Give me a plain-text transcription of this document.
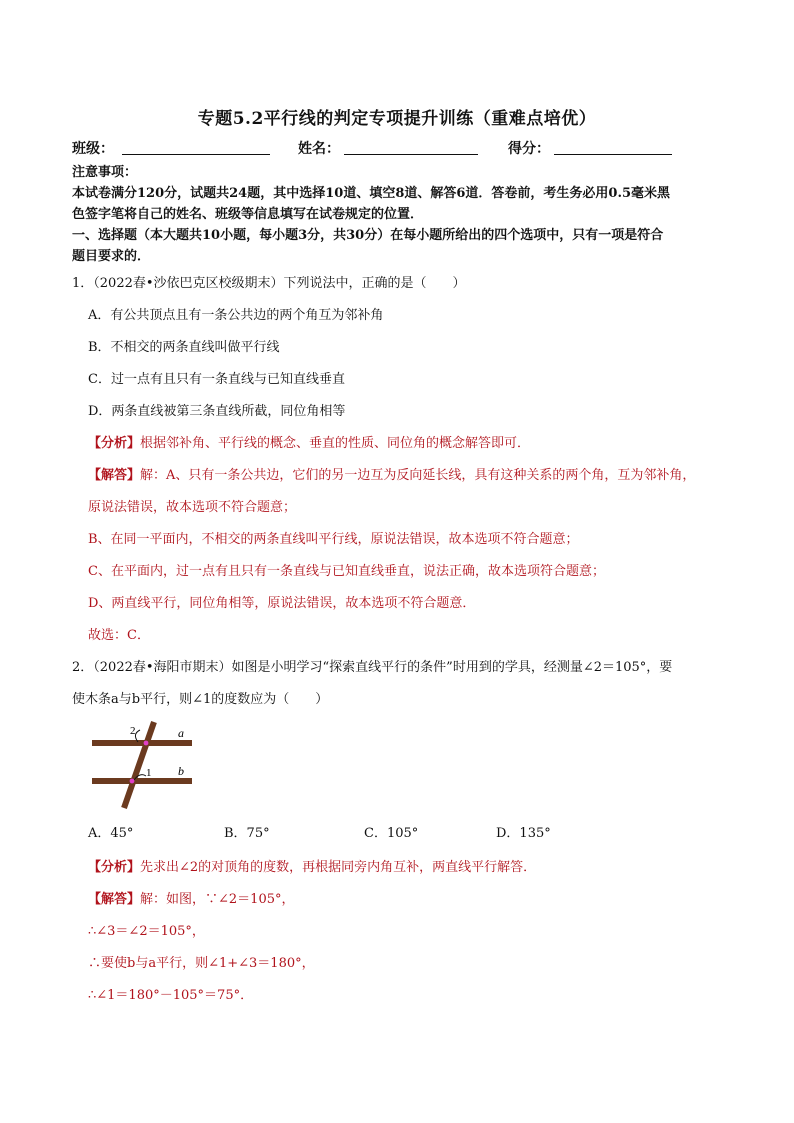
专题5.2平行线的判定专项提升训练（重难点培优）
班级：	姓名：	得分：
注意事项：
本试卷满分120分，试题共24题，其中选择10道、填空8道、解答6道．答卷前，考生务必用0.5毫米黑
色签字笔将自己的姓名、班级等信息填写在试卷规定的位置．
一、选择题（本大题共10小题，每小题3分，共30分）在每小题所给出的四个选项中，只有一项是符合
题目要求的．
1．（2022春•沙依巴克区校级期末）下列说法中，正确的是（　　）
A．有公共顶点且有一条公共边的两个角互为邻补角
B．不相交的两条直线叫做平行线
C．过一点有且只有一条直线与已知直线垂直
D．两条直线被第三条直线所截，同位角相等
【分析】根据邻补角、平行线的概念、垂直的性质、同位角的概念解答即可．
【解答】解：A、只有一条公共边，它们的另一边互为反向延长线，具有这种关系的两个角，互为邻补角，
原说法错误，故本选项不符合题意；
B、在同一平面内，不相交的两条直线叫平行线，原说法错误，故本选项不符合题意；
C、在平面内，过一点有且只有一条直线与已知直线垂直，说法正确，故本选项符合题意；
D、两直线平行，同位角相等，原说法错误，故本选项不符合题意．
故选：C．
2．（2022春•海阳市期末）如图是小明学习“探索直线平行的条件”时用到的学具，经测量∠2＝105°，要
使木条a与b平行，则∠1的度数应为（　　）
2
1
a
b
A．45°	B．75°	C．105°	D．135°
【分析】先求出∠2的对顶角的度数，再根据同旁内角互补，两直线平行解答．
【解答】解：如图，∵∠2＝105°，
∴∠3＝∠2＝105°，
∴要使b与a平行，则∠1+∠3＝180°，
∴∠1＝180°－105°＝75°．
